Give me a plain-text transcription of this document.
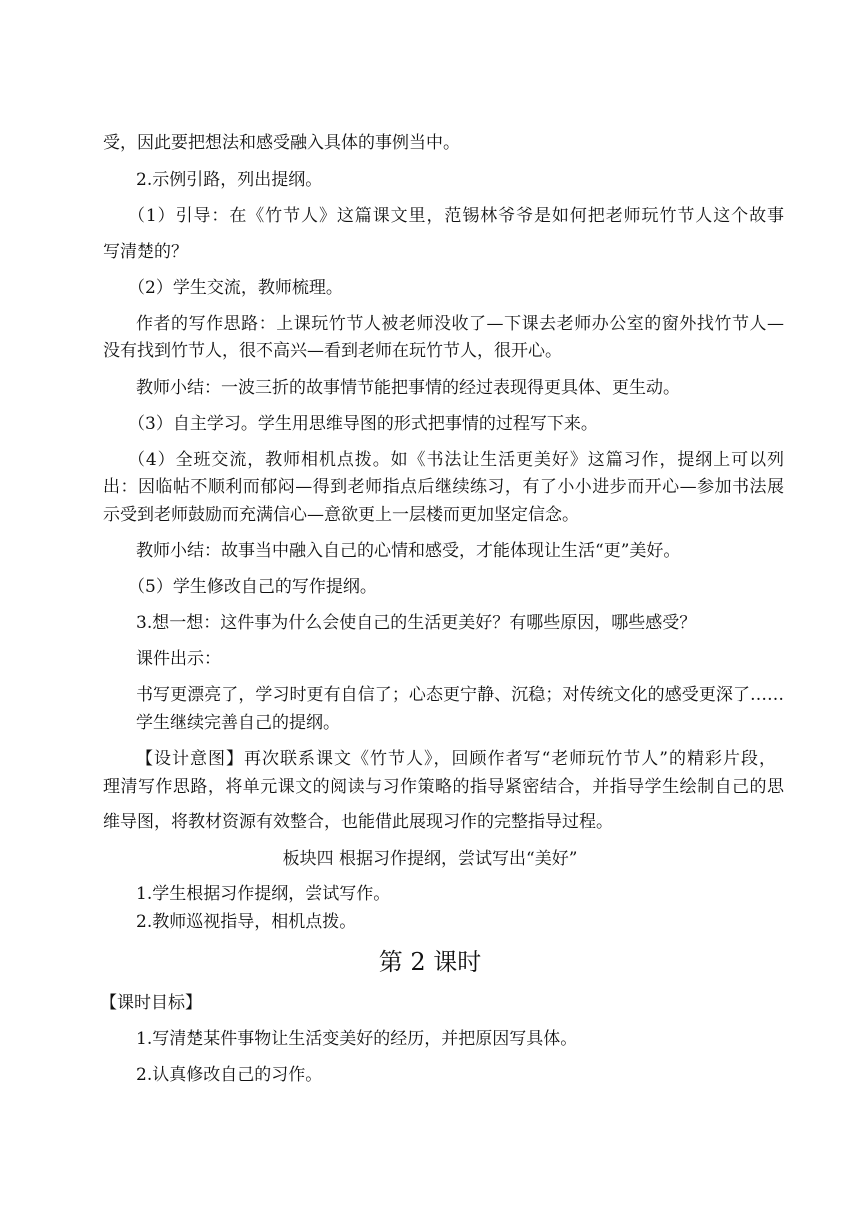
受，因此要把想法和感受融入具体的事例当中。
2.示例引路，列出提纲。
（1）引导：在《竹节人》这篇课文里，范锡林爷爷是如何把老师玩竹节人这个故事
写清楚的？
（2）学生交流，教师梳理。
作者的写作思路：上课玩竹节人被老师没收了—下课去老师办公室的窗外找竹节人—
没有找到竹节人，很不高兴—看到老师在玩竹节人，很开心。
教师小结：一波三折的故事情节能把事情的经过表现得更具体、更生动。
（3）自主学习。学生用思维导图的形式把事情的过程写下来。
（4）全班交流，教师相机点拨。如《书法让生活更美好》这篇习作，提纲上可以列
出：因临帖不顺利而郁闷—得到老师指点后继续练习，有了小小进步而开心—参加书法展
示受到老师鼓励而充满信心—意欲更上一层楼而更加坚定信念。
教师小结：故事当中融入自己的心情和感受，才能体现让生活“更”美好。
（5）学生修改自己的写作提纲。
3.想一想：这件事为什么会使自己的生活更美好？有哪些原因，哪些感受？
课件出示：
书写更漂亮了，学习时更有自信了；心态更宁静、沉稳；对传统文化的感受更深了……
学生继续完善自己的提纲。
【设计意图】再次联系课文《竹节人》，回顾作者写“老师玩竹节人”的精彩片段，
理清写作思路，将单元课文的阅读与习作策略的指导紧密结合，并指导学生绘制自己的思
维导图，将教材资源有效整合，也能借此展现习作的完整指导过程。
板块四 根据习作提纲，尝试写出“美好”
1.学生根据习作提纲，尝试写作。
2.教师巡视指导，相机点拨。
第 2 课时
【课时目标】
1.写清楚某件事物让生活变美好的经历，并把原因写具体。
2.认真修改自己的习作。
